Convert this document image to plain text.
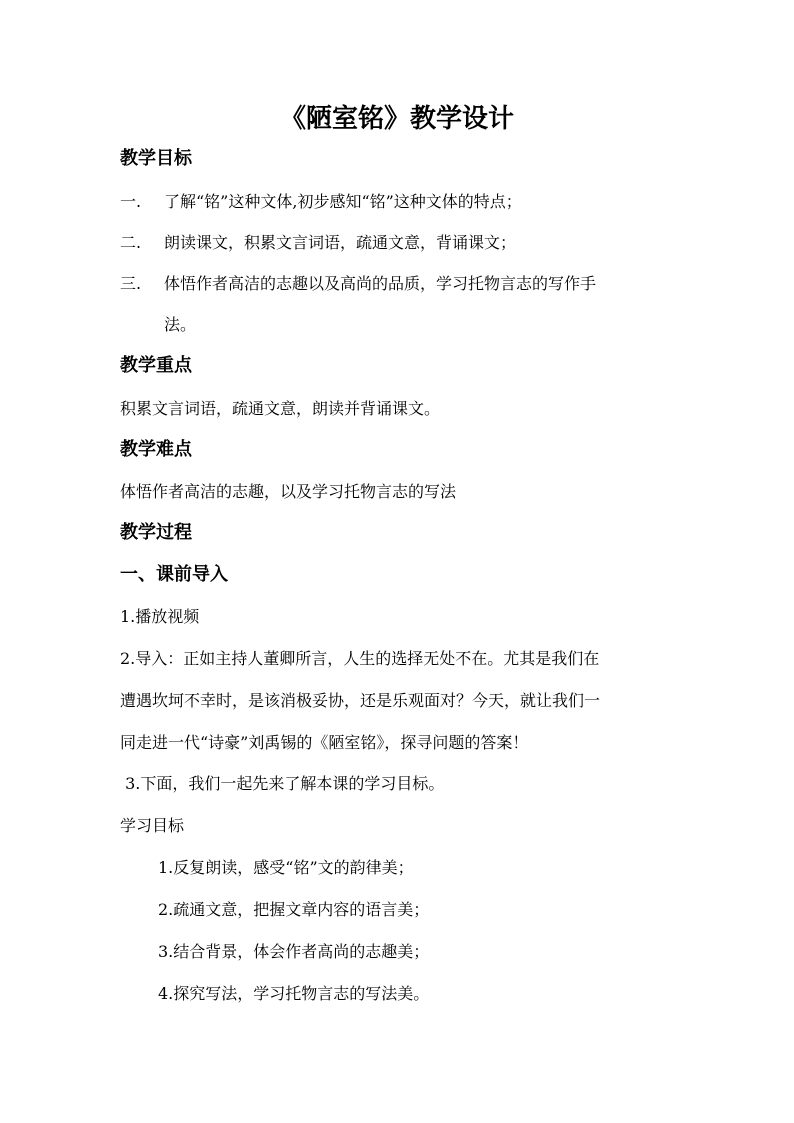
《陋室铭》教学设计
教学目标
一. 了解“铭”这种文体,初步感知“铭”这种文体的特点；
二. 朗读课文，积累文言词语，疏通文意，背诵课文；
三. 体悟作者高洁的志趣以及高尚的品质，学习托物言志的写作手
法。
教学重点
积累文言词语，疏通文意，朗读并背诵课文。
教学难点
体悟作者高洁的志趣，以及学习托物言志的写法
教学过程
一、课前导入
1.播放视频
2.导入：正如主持人董卿所言，人生的选择无处不在。尤其是我们在
遭遇坎坷不幸时，是该消极妥协，还是乐观面对？今天，就让我们一
同走进一代“诗豪”刘禹锡的《陋室铭》，探寻问题的答案！
3.下面，我们一起先来了解本课的学习目标。
学习目标
1.反复朗读，感受“铭”文的韵律美；
2.疏通文意，把握文章内容的语言美；
3.结合背景，体会作者高尚的志趣美；
4.探究写法，学习托物言志的写法美。
